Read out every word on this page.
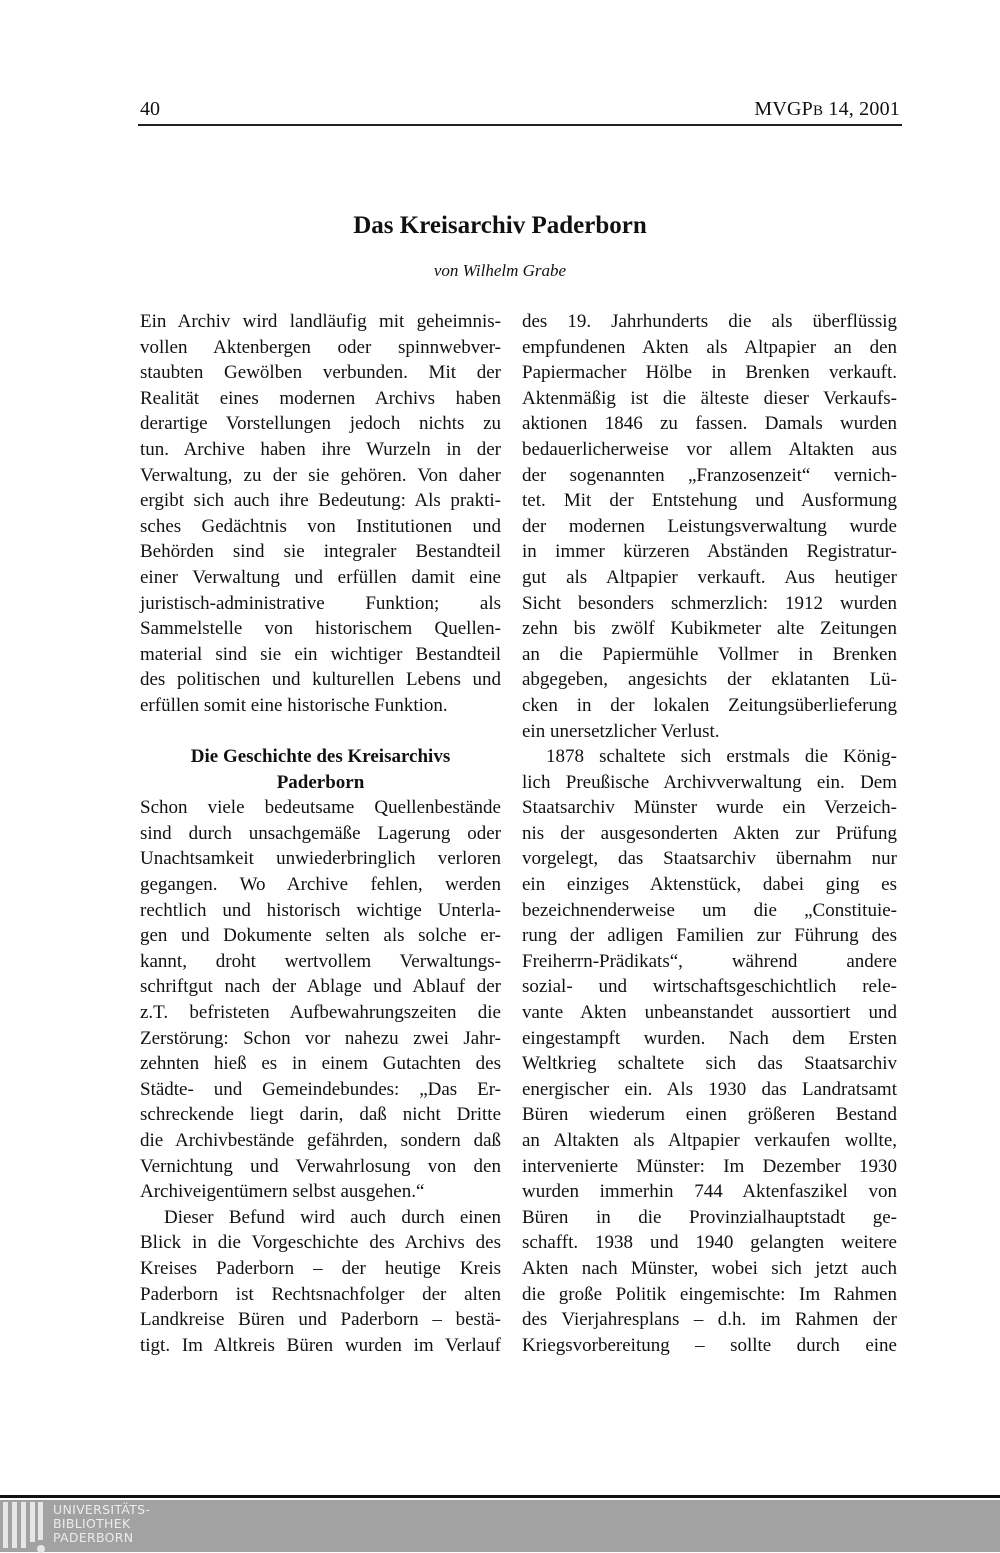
40	MVGPB 14, 2001
Das Kreisarchiv Paderborn
von Wilhelm Grabe
Ein Archiv wird landläufig mit geheimnis-
vollen Aktenbergen oder spinnwebver-
staubten Gewölben verbunden. Mit der
Realität eines modernen Archivs haben
derartige Vorstellungen jedoch nichts zu
tun. Archive haben ihre Wurzeln in der
Verwaltung, zu der sie gehören. Von daher
ergibt sich auch ihre Bedeutung: Als prakti-
sches Gedächtnis von Institutionen und
Behörden sind sie integraler Bestandteil
einer Verwaltung und erfüllen damit eine
juristisch-administrative Funktion; als
Sammelstelle von historischem Quellen-
material sind sie ein wichtiger Bestandteil
des politischen und kulturellen Lebens und
erfüllen somit eine historische Funktion.
Die Geschichte des Kreisarchivs
Paderborn
Schon viele bedeutsame Quellenbestände
sind durch unsachgemäße Lagerung oder
Unachtsamkeit unwiederbringlich verloren
gegangen. Wo Archive fehlen, werden
rechtlich und historisch wichtige Unterla-
gen und Dokumente selten als solche er-
kannt, droht wertvollem Verwaltungs-
schriftgut nach der Ablage und Ablauf der
z.T. befristeten Aufbewahrungszeiten die
Zerstörung: Schon vor nahezu zwei Jahr-
zehnten hieß es in einem Gutachten des
Städte- und Gemeindebundes: „Das Er-
schreckende liegt darin, daß nicht Dritte
die Archivbestände gefährden, sondern daß
Vernichtung und Verwahrlosung von den
Archiveigentümern selbst ausgehen.“
Dieser Befund wird auch durch einen
Blick in die Vorgeschichte des Archivs des
Kreises Paderborn – der heutige Kreis
Paderborn ist Rechtsnachfolger der alten
Landkreise Büren und Paderborn – bestä-
tigt. Im Altkreis Büren wurden im Verlauf
des 19. Jahrhunderts die als überflüssig
empfundenen Akten als Altpapier an den
Papiermacher Hölbe in Brenken verkauft.
Aktenmäßig ist die älteste dieser Verkaufs-
aktionen 1846 zu fassen. Damals wurden
bedauerlicherweise vor allem Altakten aus
der sogenannten „Franzosenzeit“ vernich-
tet. Mit der Entstehung und Ausformung
der modernen Leistungsverwaltung wurde
in immer kürzeren Abständen Registratur-
gut als Altpapier verkauft. Aus heutiger
Sicht besonders schmerzlich: 1912 wurden
zehn bis zwölf Kubikmeter alte Zeitungen
an die Papiermühle Vollmer in Brenken
abgegeben, angesichts der eklatanten Lü-
cken in der lokalen Zeitungsüberlieferung
ein unersetzlicher Verlust.
1878 schaltete sich erstmals die König-
lich Preußische Archivverwaltung ein. Dem
Staatsarchiv Münster wurde ein Verzeich-
nis der ausgesonderten Akten zur Prüfung
vorgelegt, das Staatsarchiv übernahm nur
ein einziges Aktenstück, dabei ging es
bezeichnenderweise um die „Constituie-
rung der adligen Familien zur Führung des
Freiherrn-Prädikats“, während andere
sozial- und wirtschaftsgeschichtlich rele-
vante Akten unbeanstandet aussortiert und
eingestampft wurden. Nach dem Ersten
Weltkrieg schaltete sich das Staatsarchiv
energischer ein. Als 1930 das Landratsamt
Büren wiederum einen größeren Bestand
an Altakten als Altpapier verkaufen wollte,
intervenierte Münster: Im Dezember 1930
wurden immerhin 744 Aktenfaszikel von
Büren in die Provinzialhauptstadt ge-
schafft. 1938 und 1940 gelangten weitere
Akten nach Münster, wobei sich jetzt auch
die große Politik eingemischte: Im Rahmen
des Vierjahresplans – d.h. im Rahmen der
Kriegsvorbereitung – sollte durch eine
UNIVERSITÄTS-
BIBLIOTHEK
PADERBORN
